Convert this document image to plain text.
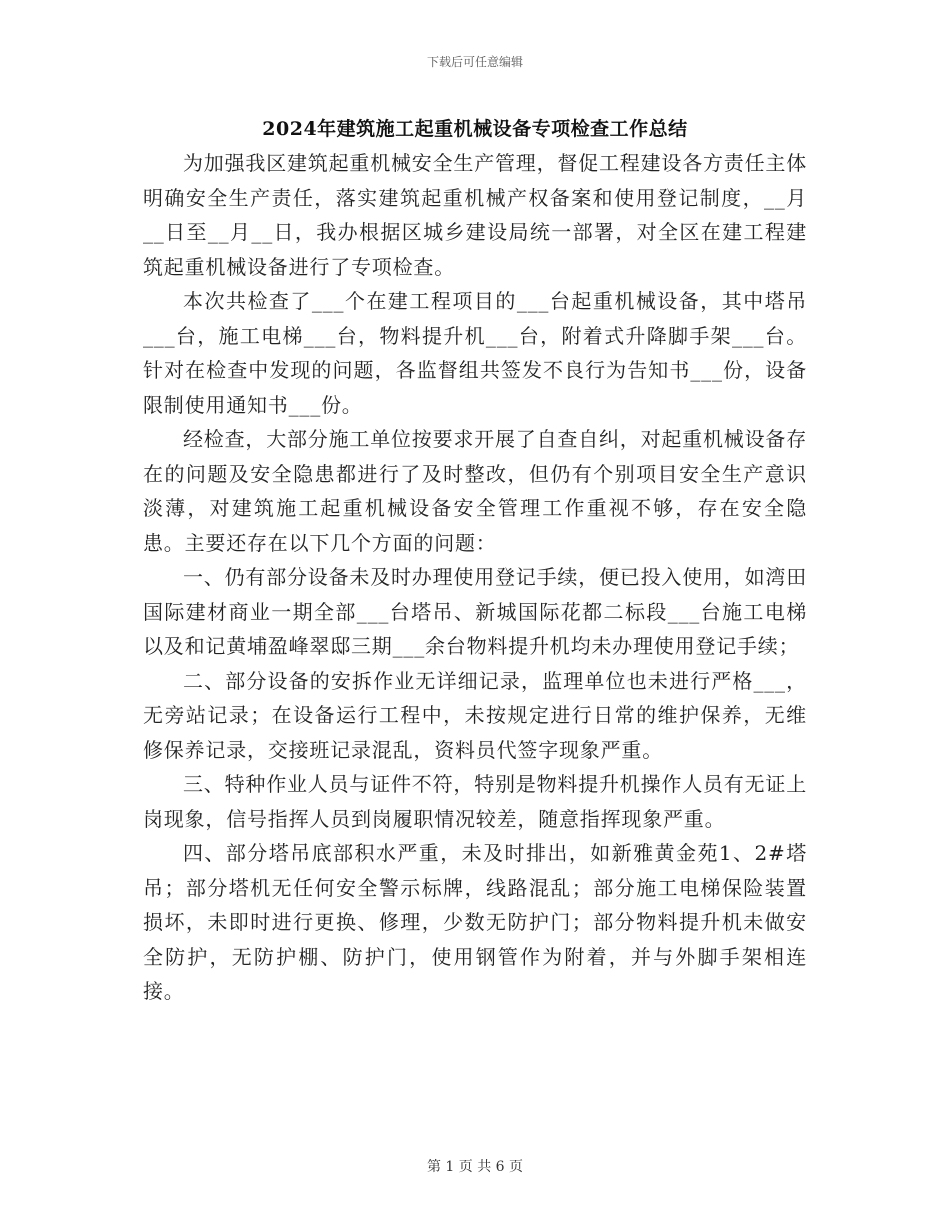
下载后可任意编辑
2024年建筑施工起重机械设备专项检查工作总结

为加强我区建筑起重机械安全生产管理，督促工程建设各方责任主体明确安全生产责任，落实建筑起重机械产权备案和使用登记制度，__月__日至__月__日，我办根据区城乡建设局统一部署，对全区在建工程建筑起重机械设备进行了专项检查。

本次共检查了___个在建工程项目的___台起重机械设备，其中塔吊___台，施工电梯___台，物料提升机___台，附着式升降脚手架___台。针对在检查中发现的问题，各监督组共签发不良行为告知书___份，设备限制使用通知书___份。

经检查，大部分施工单位按要求开展了自查自纠，对起重机械设备存在的问题及安全隐患都进行了及时整改，但仍有个别项目安全生产意识淡薄，对建筑施工起重机械设备安全管理工作重视不够，存在安全隐患。主要还存在以下几个方面的问题：

一、仍有部分设备未及时办理使用登记手续，便已投入使用，如湾田国际建材商业一期全部___台塔吊、新城国际花都二标段___台施工电梯以及和记黄埔盈峰翠邸三期___余台物料提升机均未办理使用登记手续；

二、部分设备的安拆作业无详细记录，监理单位也未进行严格___，无旁站记录；在设备运行工程中，未按规定进行日常的维护保养，无维修保养记录，交接班记录混乱，资料员代签字现象严重。

三、特种作业人员与证件不符，特别是物料提升机操作人员有无证上岗现象，信号指挥人员到岗履职情况较差，随意指挥现象严重。

四、部分塔吊底部积水严重，未及时排出，如新雅黄金苑1、2#塔吊；部分塔机无任何安全警示标牌，线路混乱；部分施工电梯保险装置损坏，未即时进行更换、修理，少数无防护门；部分物料提升机未做安全防护，无防护棚、防护门，使用钢管作为附着，并与外脚手架相连接。

第 1 页 共 6 页
